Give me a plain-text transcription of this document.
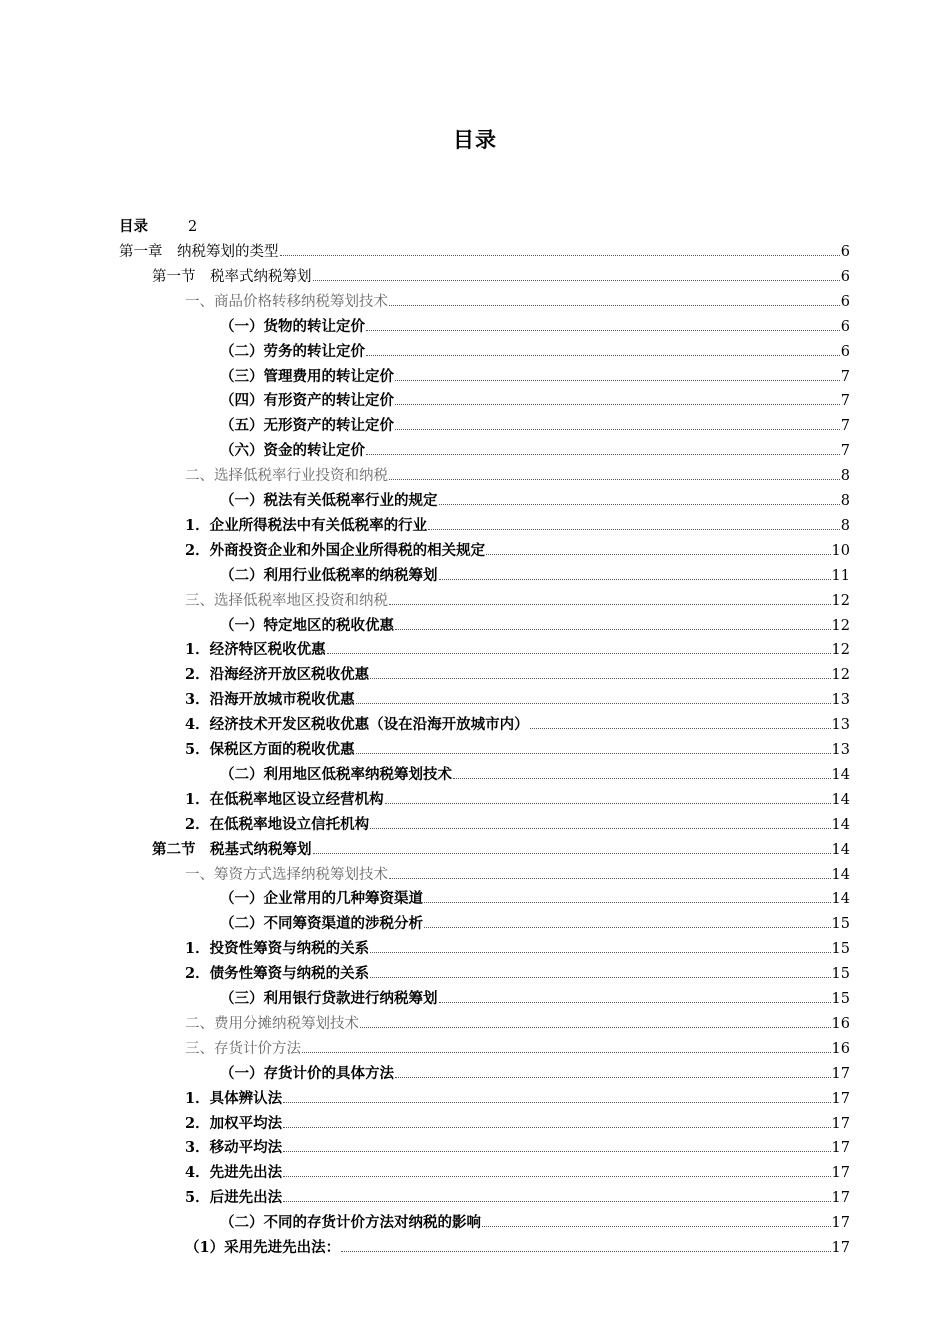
目录
目录	2
第一章　纳税筹划的类型	6
第一节　税率式纳税筹划	6
一、商品价格转移纳税筹划技术	6
（一）货物的转让定价	6
（二）劳务的转让定价	6
（三）管理费用的转让定价	7
（四）有形资产的转让定价	7
（五）无形资产的转让定价	7
（六）资金的转让定价	7
二、选择低税率行业投资和纳税	8
（一）税法有关低税率行业的规定	8
1．企业所得税法中有关低税率的行业	8
2．外商投资企业和外国企业所得税的相关规定	10
（二）利用行业低税率的纳税筹划	11
三、选择低税率地区投资和纳税	12
（一）特定地区的税收优惠	12
1．经济特区税收优惠	12
2．沿海经济开放区税收优惠	12
3．沿海开放城市税收优惠	13
4．经济技术开发区税收优惠（设在沿海开放城市内）	13
5．保税区方面的税收优惠	13
（二）利用地区低税率纳税筹划技术	14
1．在低税率地区设立经营机构	14
2．在低税率地设立信托机构	14
第二节　税基式纳税筹划	14
一、筹资方式选择纳税筹划技术	14
（一）企业常用的几种筹资渠道	14
（二）不同筹资渠道的涉税分析	15
1．投资性筹资与纳税的关系	15
2．债务性筹资与纳税的关系	15
（三）利用银行贷款进行纳税筹划	15
二、费用分摊纳税筹划技术	16
三、存货计价方法	16
（一）存货计价的具体方法	17
1．具体辨认法	17
2．加权平均法	17
3．移动平均法	17
4．先进先出法	17
5．后进先出法	17
（二）不同的存货计价方法对纳税的影响	17
（1）采用先进先出法：	17
